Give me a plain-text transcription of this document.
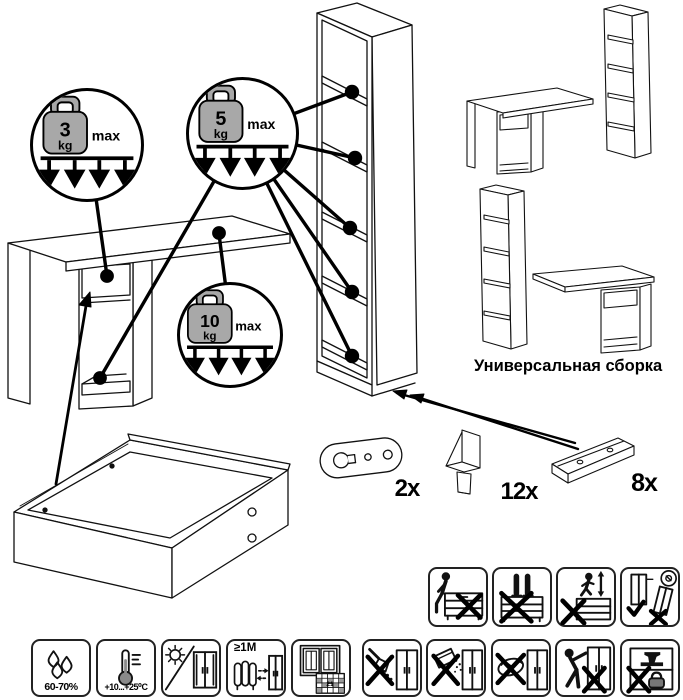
3
kg
max
5
kg
max
10
kg
max
Универсальная сборка
2x	12x	8x
60-70%	+10...+25⁰C
≥1М
21
